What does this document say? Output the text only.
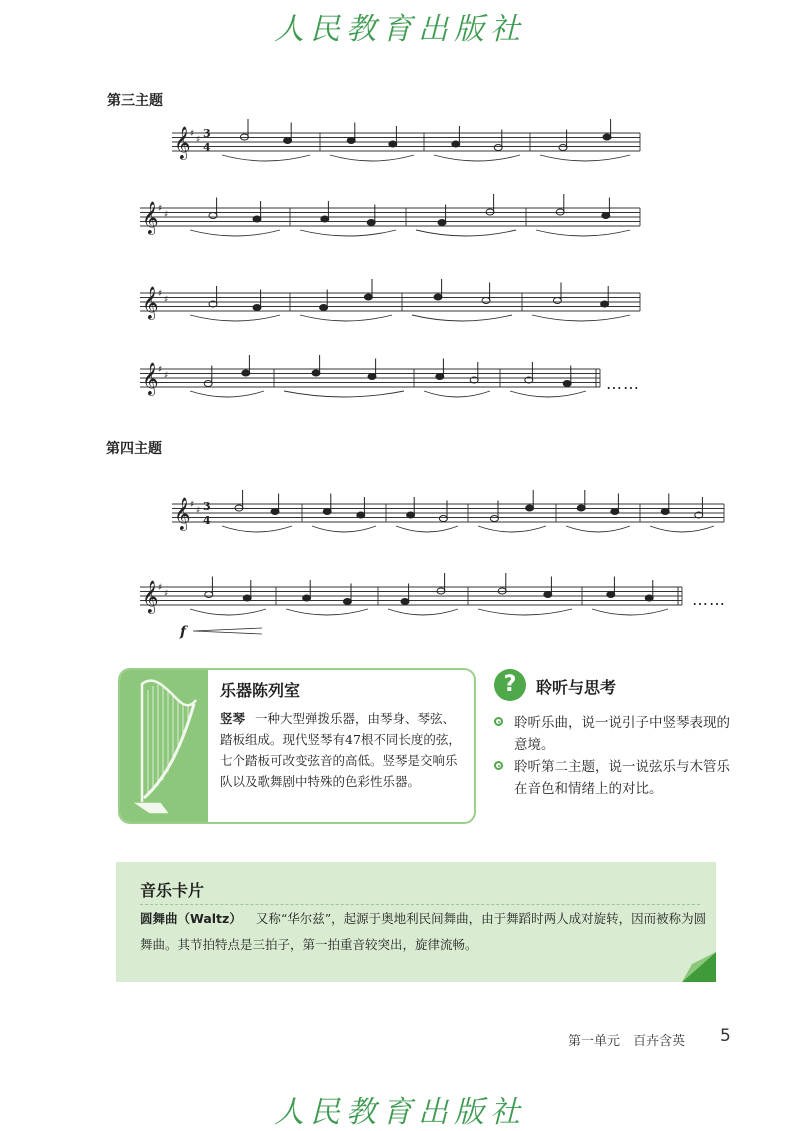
人民教育出版社
第三主题
第四主题
𝄞 ♯
♯
𝄞 ♯
♯
𝄞 ♯
♯
𝄞 ♯
♯
𝄞 ♯
♯
𝄞 ♯
♯
3
4
3
4
f
……
……
乐器陈列室
竖琴 一种大型弹拨乐器，由琴身、琴弦、踏板组成。现代竖琴有47根不同长度的弦，七个踏板可改变弦音的高低。竖琴是交响乐队以及歌舞剧中特殊的色彩性乐器。
?	聆听与思考
聆听乐曲，说一说引子中竖琴表现的意境。
聆听第二主题，说一说弦乐与木管乐在音色和情绪上的对比。
音乐卡片
圆舞曲（Waltz） 又称“华尔兹”，起源于奥地利民间舞曲，由于舞蹈时两人成对旋转，因而被称为圆舞曲。其节拍特点是三拍子，第一拍重音较突出，旋律流畅。
第一单元　百卉含英 5
人民教育出版社
